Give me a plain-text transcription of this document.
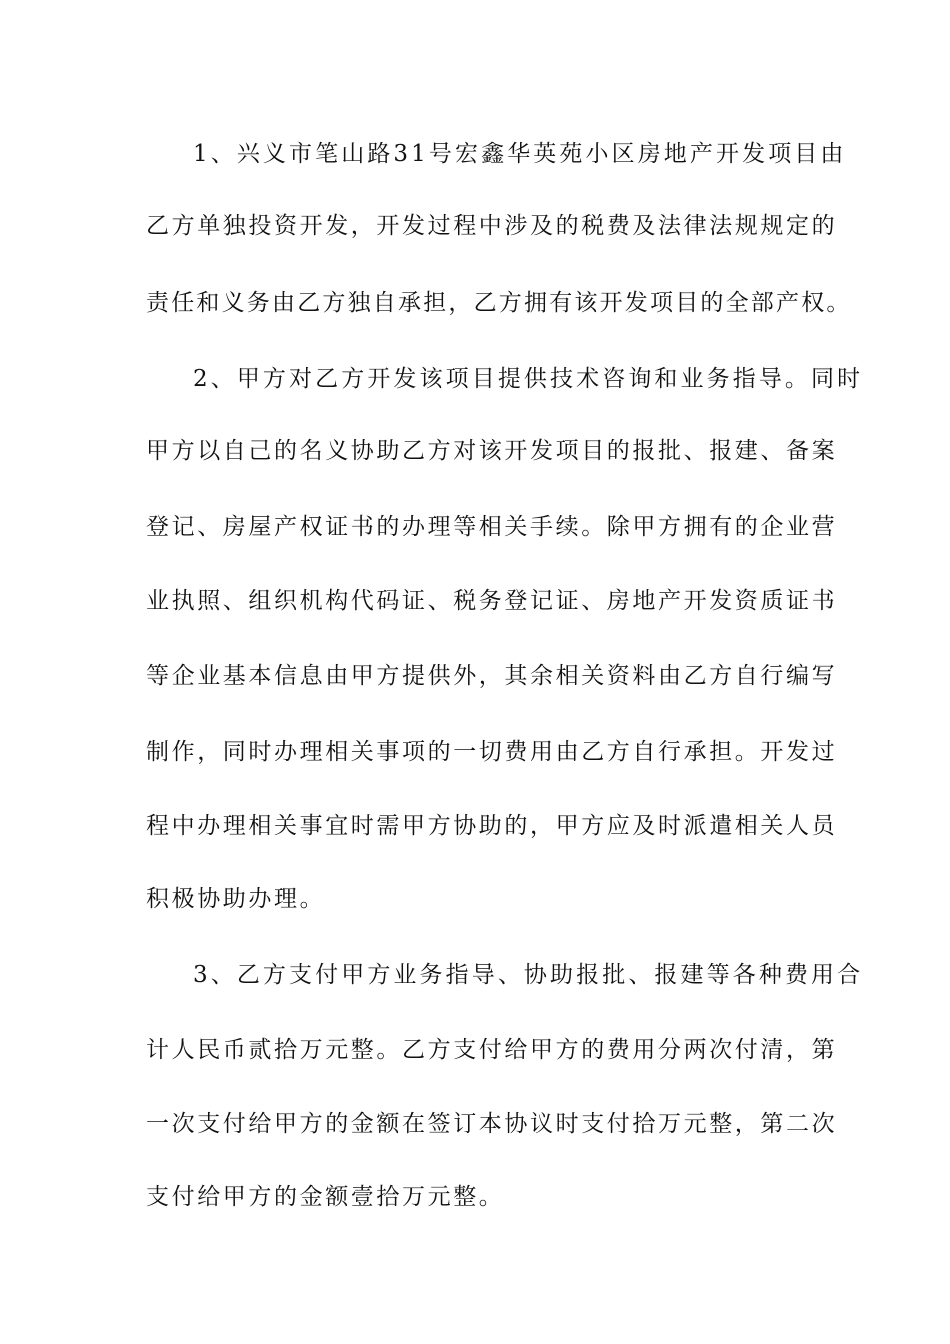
1、兴义市笔山路31号宏鑫华英苑小区房地产开发项目由
乙方单独投资开发，开发过程中涉及的税费及法律法规规定的
责任和义务由乙方独自承担，乙方拥有该开发项目的全部产权。
2、甲方对乙方开发该项目提供技术咨询和业务指导。同时
甲方以自己的名义协助乙方对该开发项目的报批、报建、备案
登记、房屋产权证书的办理等相关手续。除甲方拥有的企业营
业执照、组织机构代码证、税务登记证、房地产开发资质证书
等企业基本信息由甲方提供外，其余相关资料由乙方自行编写
制作，同时办理相关事项的一切费用由乙方自行承担。开发过
程中办理相关事宜时需甲方协助的，甲方应及时派遣相关人员
积极协助办理。
3、乙方支付甲方业务指导、协助报批、报建等各种费用合
计人民币贰拾万元整。乙方支付给甲方的费用分两次付清，第
一次支付给甲方的金额在签订本协议时支付拾万元整，第二次
支付给甲方的金额壹拾万元整。
